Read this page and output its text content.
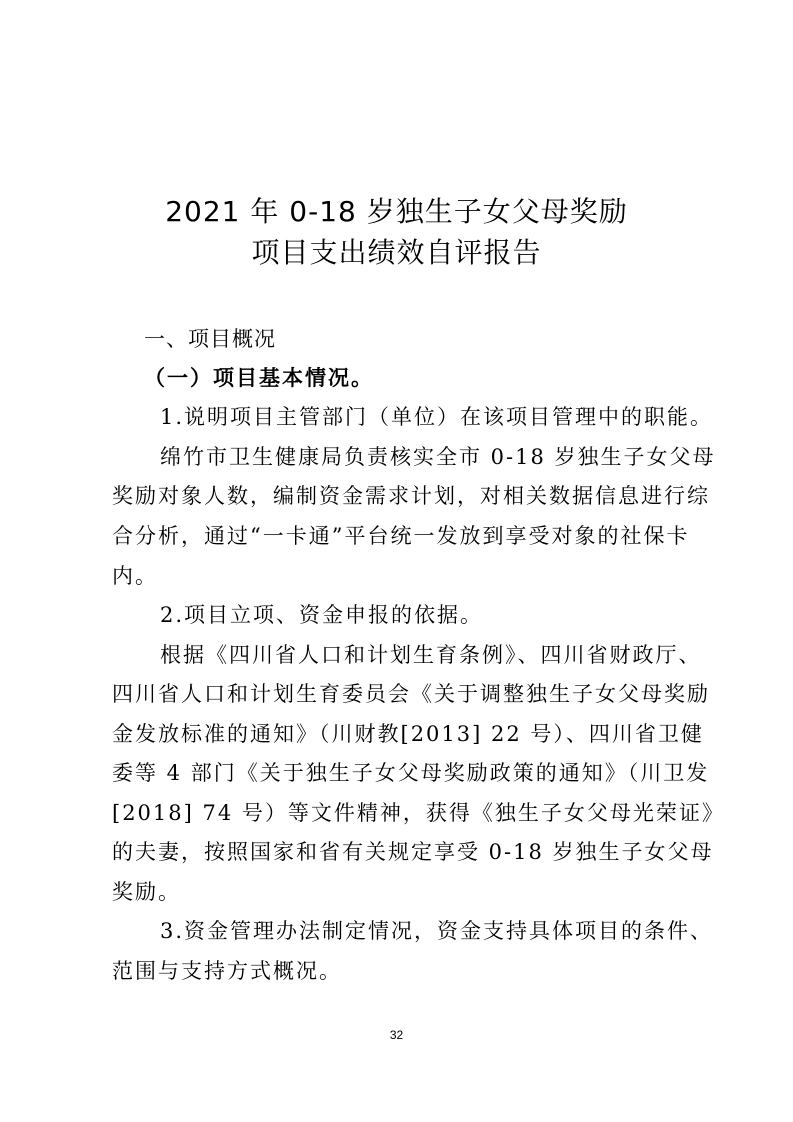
2021 年 0-18 岁独生子女父母奖励
项目支出绩效自评报告
一、项目概况
（一）项目基本情况。
1.说明项目主管部门（单位）在该项目管理中的职能。
绵竹市卫生健康局负责核实全市 0-18 岁独生子女父母
奖励对象人数，编制资金需求计划，对相关数据信息进行综
合分析，通过“一卡通”平台统一发放到享受对象的社保卡
内。
2.项目立项、资金申报的依据。
根据《四川省人口和计划生育条例》、四川省财政厅、
四川省人口和计划生育委员会《关于调整独生子女父母奖励
金发放标准的通知》（川财教[2013] 22 号）、四川省卫健
委等 4 部门《关于独生子女父母奖励政策的通知》（川卫发
[2018] 74 号）等文件精神，获得《独生子女父母光荣证》
的夫妻，按照国家和省有关规定享受 0-18 岁独生子女父母
奖励。
3.资金管理办法制定情况，资金支持具体项目的条件、
范围与支持方式概况。
32
